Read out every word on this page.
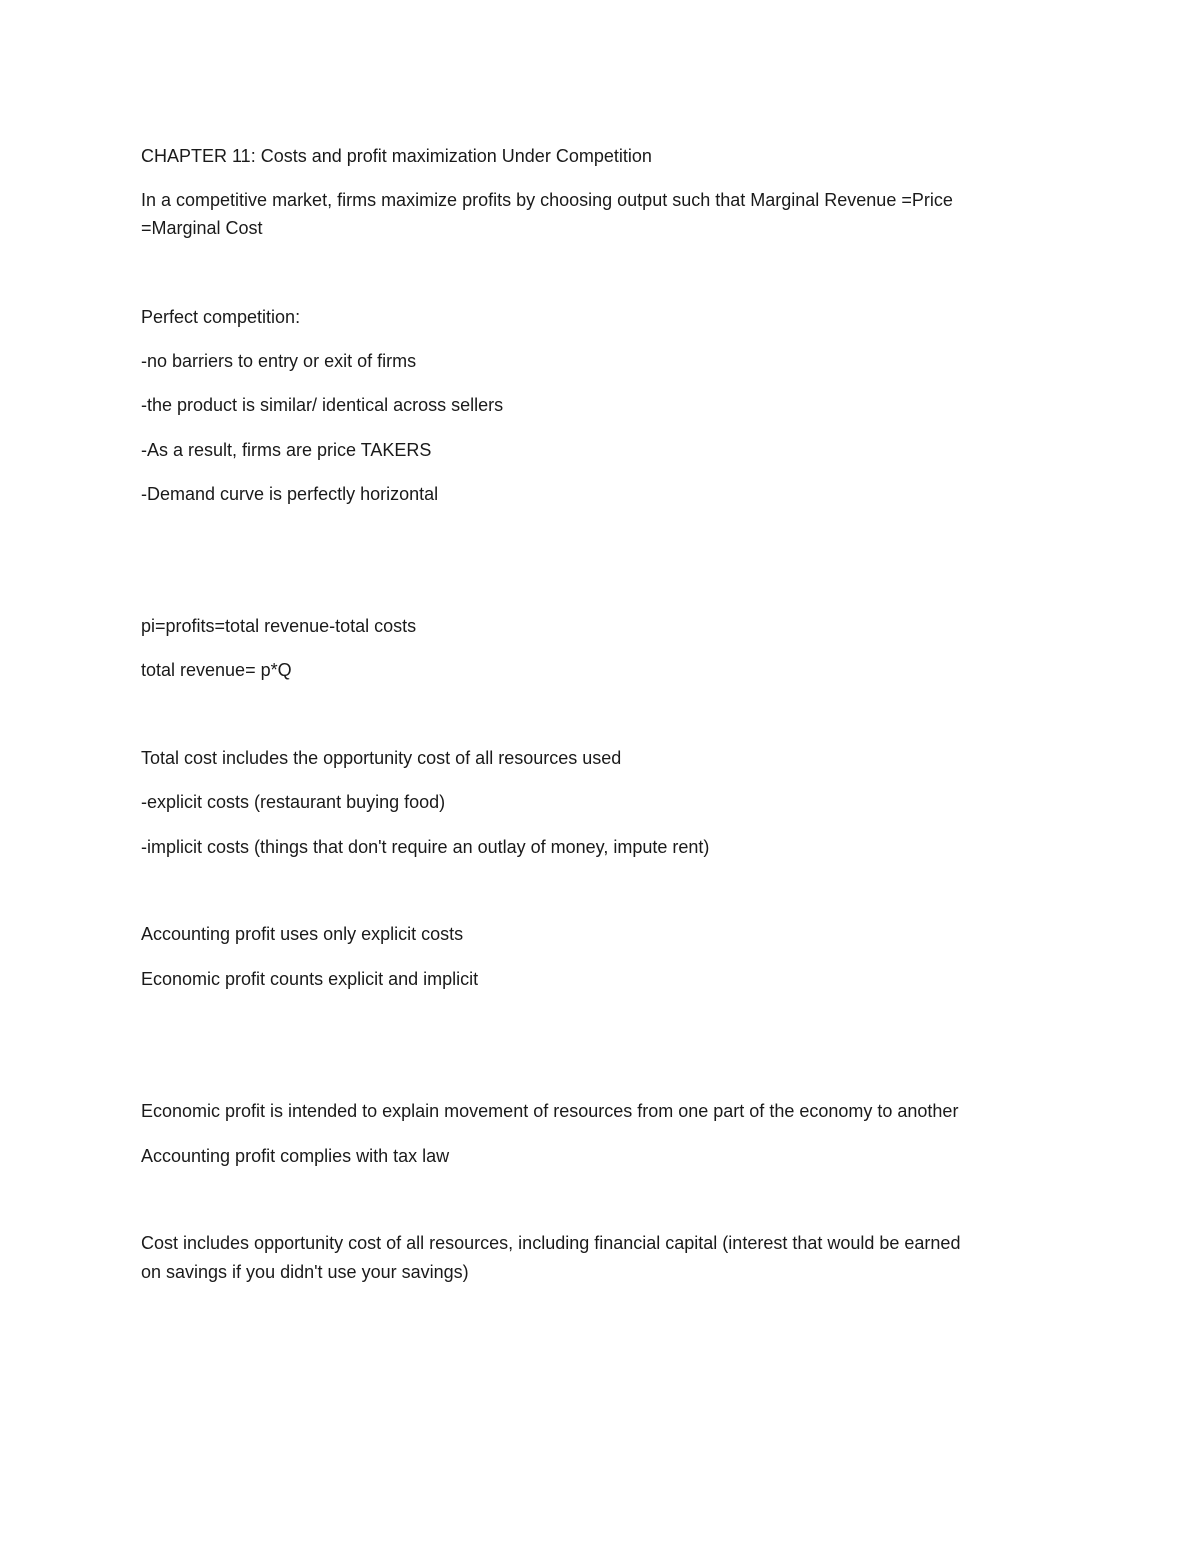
CHAPTER 11: Costs and profit maximization Under Competition
In a competitive market, firms maximize profits by choosing output such that Marginal Revenue =Price
=Marginal Cost
Perfect competition:
-no barriers to entry or exit of firms
-the product is similar/ identical across sellers
-As a result, firms are price TAKERS
-Demand curve is perfectly horizontal
pi=profits=total revenue-total costs
total revenue= p*Q
Total cost includes the opportunity cost of all resources used
-explicit costs (restaurant buying food)
-implicit costs (things that don't require an outlay of money, impute rent)
Accounting profit uses only explicit costs
Economic profit counts explicit and implicit
Economic profit is intended to explain movement of resources from one part of the economy to another
Accounting profit complies with tax law
Cost includes opportunity cost of all resources, including financial capital (interest that would be earned
on savings if you didn't use your savings)
